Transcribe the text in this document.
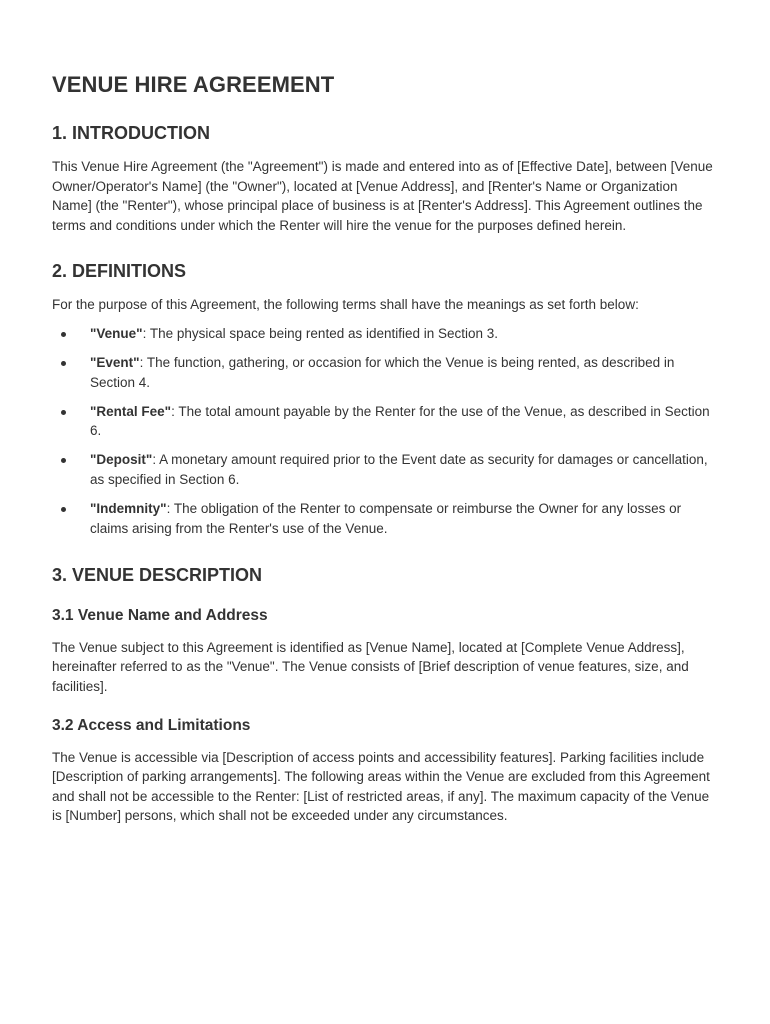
VENUE HIRE AGREEMENT
1. INTRODUCTION

This Venue Hire Agreement (the "Agreement") is made and entered into as of [Effective Date], between [Venue Owner/Operator's Name] (the "Owner"), located at [Venue Address], and [Renter's Name or Organization Name] (the "Renter"), whose principal place of business is at [Renter's Address]. This Agreement outlines the terms and conditions under which the Renter will hire the venue for the purposes defined herein.

2. DEFINITIONS

For the purpose of this Agreement, the following terms shall have the meanings as set forth below:

"Venue": The physical space being rented as identified in Section 3.
"Event": The function, gathering, or occasion for which the Venue is being rented, as described in Section 4.
"Rental Fee": The total amount payable by the Renter for the use of the Venue, as described in Section 6.
"Deposit": A monetary amount required prior to the Event date as security for damages or cancellation, as specified in Section 6.
"Indemnity": The obligation of the Renter to compensate or reimburse the Owner for any losses or claims arising from the Renter's use of the Venue.
3. VENUE DESCRIPTION
3.1 Venue Name and Address

The Venue subject to this Agreement is identified as [Venue Name], located at [Complete Venue Address], hereinafter referred to as the "Venue". The Venue consists of [Brief description of venue features, size, and facilities].

3.2 Access and Limitations

The Venue is accessible via [Description of access points and accessibility features]. Parking facilities include [Description of parking arrangements]. The following areas within the Venue are excluded from this Agreement and shall not be accessible to the Renter: [List of restricted areas, if any]. The maximum capacity of the Venue is [Number] persons, which shall not be exceeded under any circumstances.
